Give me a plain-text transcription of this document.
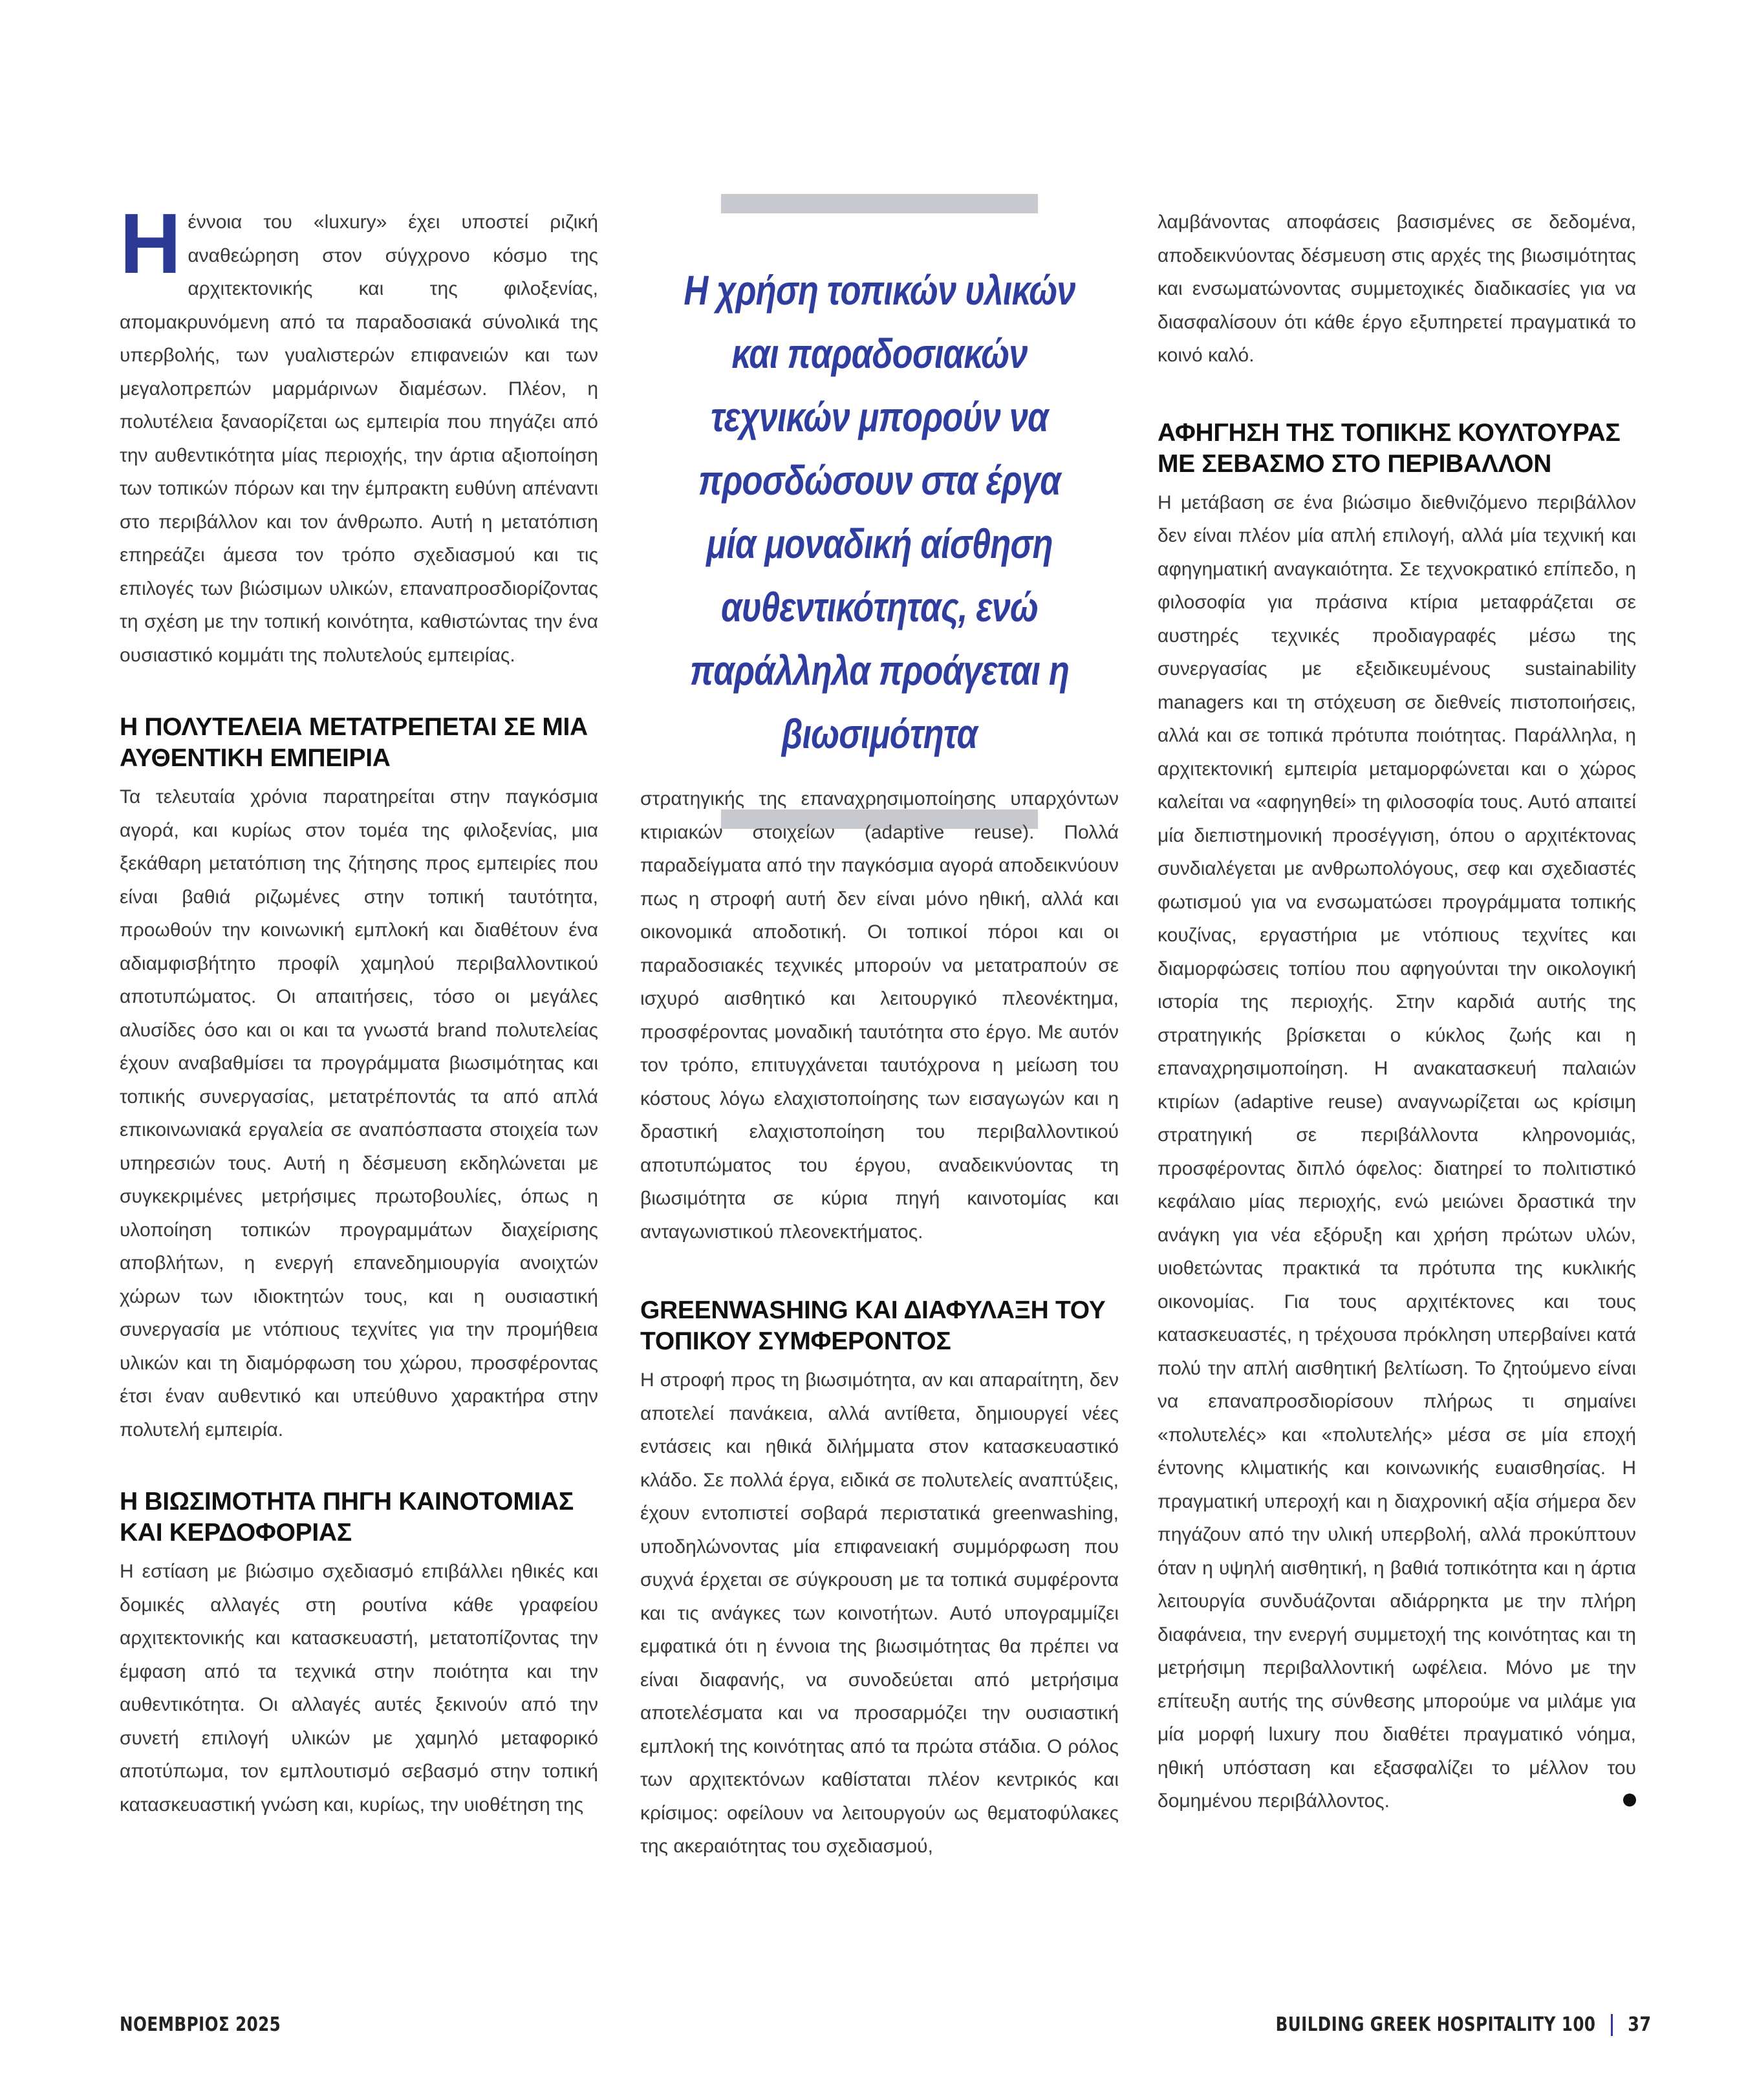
Η έννοια του «luxury» έχει υποστεί ριζική αναθεώρηση στον σύγχρονο κόσμο της αρχιτεκτονικής και της φιλοξενίας, απομακρυνόμενη από τα παραδοσιακά σύνολικά της υπερβολής, των γυαλιστερών επιφανειών και των μεγαλοπρεπών μαρμάρινων διαμέσων. Πλέον, η πολυτέλεια ξαναορίζεται ως εμπειρία που πηγάζει από την αυθεντικότητα μίας περιοχής, την άρτια αξιοποίηση των τοπικών πόρων και την έμπρακτη ευθύνη απέναντι στο περιβάλλον και τον άνθρωπο. Αυτή η μετατόπιση επηρεάζει άμεσα τον τρόπο σχεδιασμού και τις επιλογές των βιώσιμων υλικών, επαναπροσδιορίζοντας τη σχέση με την τοπική κοινότητα, καθιστώντας την ένα ουσιαστικό κομμάτι της πολυτελούς εμπειρίας.

Η ΠΟΛΥΤΕΛΕΙΑ ΜΕΤΑΤΡΕΠΕΤΑΙ ΣΕ ΜΙΑ ΑΥΘΕΝΤΙΚΗ ΕΜΠΕΙΡΙΑ

Τα τελευταία χρόνια παρατηρείται στην παγκόσμια αγορά, και κυρίως στον τομέα της φιλοξενίας, μια ξεκάθαρη μετατόπιση της ζήτησης προς εμπειρίες που είναι βαθιά ριζωμένες στην τοπική ταυτότητα, προωθούν την κοινωνική εμπλοκή και διαθέτουν ένα αδιαμφισβήτητο προφίλ χαμηλού περιβαλλοντικού αποτυπώματος. Οι απαιτήσεις, τόσο οι μεγάλες αλυσίδες όσο και οι και τα γνωστά brand πολυτελείας έχουν αναβαθμίσει τα προγράμματα βιωσιμότητας και τοπικής συνεργασίας, μετατρέποντάς τα από απλά επικοινωνιακά εργαλεία σε αναπόσπαστα στοιχεία των υπηρεσιών τους. Αυτή η δέσμευση εκδηλώνεται με συγκεκριμένες μετρήσιμες πρωτοβουλίες, όπως η υλοποίηση τοπικών προγραμμάτων διαχείρισης αποβλήτων, η ενεργή επανεδημιουργία ανοιχτών χώρων των ιδιοκτητών τους, και η ουσιαστική συνεργασία με ντόπιους τεχνίτες για την προμήθεια υλικών και τη διαμόρφωση του χώρου, προσφέροντας έτσι έναν αυθεντικό και υπεύθυνο χαρακτήρα στην πολυτελή εμπειρία.

Η ΒΙΩΣΙΜΟΤΗΤΑ ΠΗΓΗ ΚΑΙΝΟΤΟΜΙΑΣ ΚΑΙ ΚΕΡΔΟΦΟΡΙΑΣ

Η εστίαση με βιώσιμο σχεδιασμό επιβάλλει ηθικές και δομικές αλλαγές στη ρουτίνα κάθε γραφείου αρχιτεκτονικής και κατασκευαστή, μετατοπίζοντας την έμφαση από τα τεχνικά στην ποιότητα και την αυθεντικότητα. Οι αλλαγές αυτές ξεκινούν από την συνετή επιλογή υλικών με χαμηλό μεταφορικό αποτύπωμα, τον εμπλουτισμό σεβασμό στην τοπική κατασκευαστική γνώση και, κυρίως, την υιοθέτηση της

Η χρήση τοπικών υλικών και παραδοσιακών τεχνικών μπορούν να προσδώσουν στα έργα μία μοναδική αίσθηση αυθεντικότητας, ενώ παράλληλα προάγεται η βιωσιμότητα

στρατηγικής της επαναχρησιμοποίησης υπαρχόντων κτιριακών στοιχείων (adaptive reuse). Πολλά παραδείγματα από την παγκόσμια αγορά αποδεικνύουν πως η στροφή αυτή δεν είναι μόνο ηθική, αλλά και οικονομικά αποδοτική. Οι τοπικοί πόροι και οι παραδοσιακές τεχνικές μπορούν να μετατραπούν σε ισχυρό αισθητικό και λειτουργικό πλεονέκτημα, προσφέροντας μοναδική ταυτότητα στο έργο. Με αυτόν τον τρόπο, επιτυγχάνεται ταυτόχρονα η μείωση του κόστους λόγω ελαχιστοποίησης των εισαγωγών και η δραστική ελαχιστοποίηση του περιβαλλοντικού αποτυπώματος του έργου, αναδεικνύοντας τη βιωσιμότητα σε κύρια πηγή καινοτομίας και ανταγωνιστικού πλεονεκτήματος.

GREENWASHING ΚΑΙ ΔΙΑΦΥΛΑΞΗ ΤΟΥ ΤΟΠΙΚΟΥ ΣΥΜΦΕΡΟΝΤΟΣ

Η στροφή προς τη βιωσιμότητα, αν και απαραίτητη, δεν αποτελεί πανάκεια, αλλά αντίθετα, δημιουργεί νέες εντάσεις και ηθικά διλήμματα στον κατασκευαστικό κλάδο. Σε πολλά έργα, ειδικά σε πολυτελείς αναπτύξεις, έχουν εντοπιστεί σοβαρά περιστατικά greenwashing, υποδηλώνοντας μία επιφανειακή συμμόρφωση που συχνά έρχεται σε σύγκρουση με τα τοπικά συμφέροντα και τις ανάγκες των κοινοτήτων. Αυτό υπογραμμίζει εμφατικά ότι η έννοια της βιωσιμότητας θα πρέπει να είναι διαφανής, να συνοδεύεται από μετρήσιμα αποτελέσματα και να προσαρμόζει την ουσιαστική εμπλοκή της κοινότητας από τα πρώτα στάδια. Ο ρόλος των αρχιτεκτόνων καθίσταται πλέον κεντρικός και κρίσιμος: οφείλουν να λειτουργούν ως θεματοφύλακες της ακεραιότητας του σχεδιασμού,

λαμβάνοντας αποφάσεις βασισμένες σε δεδομένα, αποδεικνύοντας δέσμευση στις αρχές της βιωσιμότητας και ενσωματώνοντας συμμετοχικές διαδικασίες για να διασφαλίσουν ότι κάθε έργο εξυπηρετεί πραγματικά το κοινό καλό.

ΑΦΗΓΗΣΗ ΤΗΣ ΤΟΠΙΚΗΣ ΚΟΥΛΤΟΥΡΑΣ ΜΕ ΣΕΒΑΣΜΟ ΣΤΟ ΠΕΡΙΒΑΛΛΟΝ

Η μετάβαση σε ένα βιώσιμο διεθνιζόμενο περιβάλλον δεν είναι πλέον μία απλή επιλογή, αλλά μία τεχνική και αφηγηματική αναγκαιότητα. Σε τεχνοκρατικό επίπεδο, η φιλοσοφία για πράσινα κτίρια μεταφράζεται σε αυστηρές τεχνικές προδιαγραφές μέσω της συνεργασίας με εξειδικευμένους sustainability managers και τη στόχευση σε διεθνείς πιστοποιήσεις, αλλά και σε τοπικά πρότυπα ποιότητας. Παράλληλα, η αρχιτεκτονική εμπειρία μεταμορφώνεται και ο χώρος καλείται να «αφηγηθεί» τη φιλοσοφία τους. Αυτό απαιτεί μία διεπιστημονική προσέγγιση, όπου ο αρχιτέκτονας συνδιαλέγεται με ανθρωπολόγους, σεφ και σχεδιαστές φωτισμού για να ενσωματώσει προγράμματα τοπικής κουζίνας, εργαστήρια με ντόπιους τεχνίτες και διαμορφώσεις τοπίου που αφηγούνται την οικολογική ιστορία της περιοχής. Στην καρδιά αυτής της στρατηγικής βρίσκεται ο κύκλος ζωής και η επαναχρησιμοποίηση. Η ανακατασκευή παλαιών κτιρίων (adaptive reuse) αναγνωρίζεται ως κρίσιμη στρατηγική σε περιβάλλοντα κληρονομιάς, προσφέροντας διπλό όφελος: διατηρεί το πολιτιστικό κεφάλαιο μίας περιοχής, ενώ μειώνει δραστικά την ανάγκη για νέα εξόρυξη και χρήση πρώτων υλών, υιοθετώντας πρακτικά τα πρότυπα της κυκλικής οικονομίας. Για τους αρχιτέκτονες και τους κατασκευαστές, η τρέχουσα πρόκληση υπερβαίνει κατά πολύ την απλή αισθητική βελτίωση. Το ζητούμενο είναι να επαναπροσδιορίσουν πλήρως τι σημαίνει «πολυτελές» και «πολυτελής» μέσα σε μία εποχή έντονης κλιματικής και κοινωνικής ευαισθησίας. Η πραγματική υπεροχή και η διαχρονική αξία σήμερα δεν πηγάζουν από την υλική υπερβολή, αλλά προκύπτουν όταν η υψηλή αισθητική, η βαθιά τοπικότητα και η άρτια λειτουργία συνδυάζονται αδιάρρηκτα με την πλήρη διαφάνεια, την ενεργή συμμετοχή της κοινότητας και τη μετρήσιμη περιβαλλοντική ωφέλεια. Μόνο με την επίτευξη αυτής της σύνθεσης μπορούμε να μιλάμε για μία μορφή luxury που διαθέτει πραγματικό νόημα, ηθική υπόσταση και εξασφαλίζει το μέλλον του δομημένου περιβάλλοντος.

ΝΟΕΜΒΡΙΟΣ 2025	BUILDING GREEK HOSPITALITY 100 37
